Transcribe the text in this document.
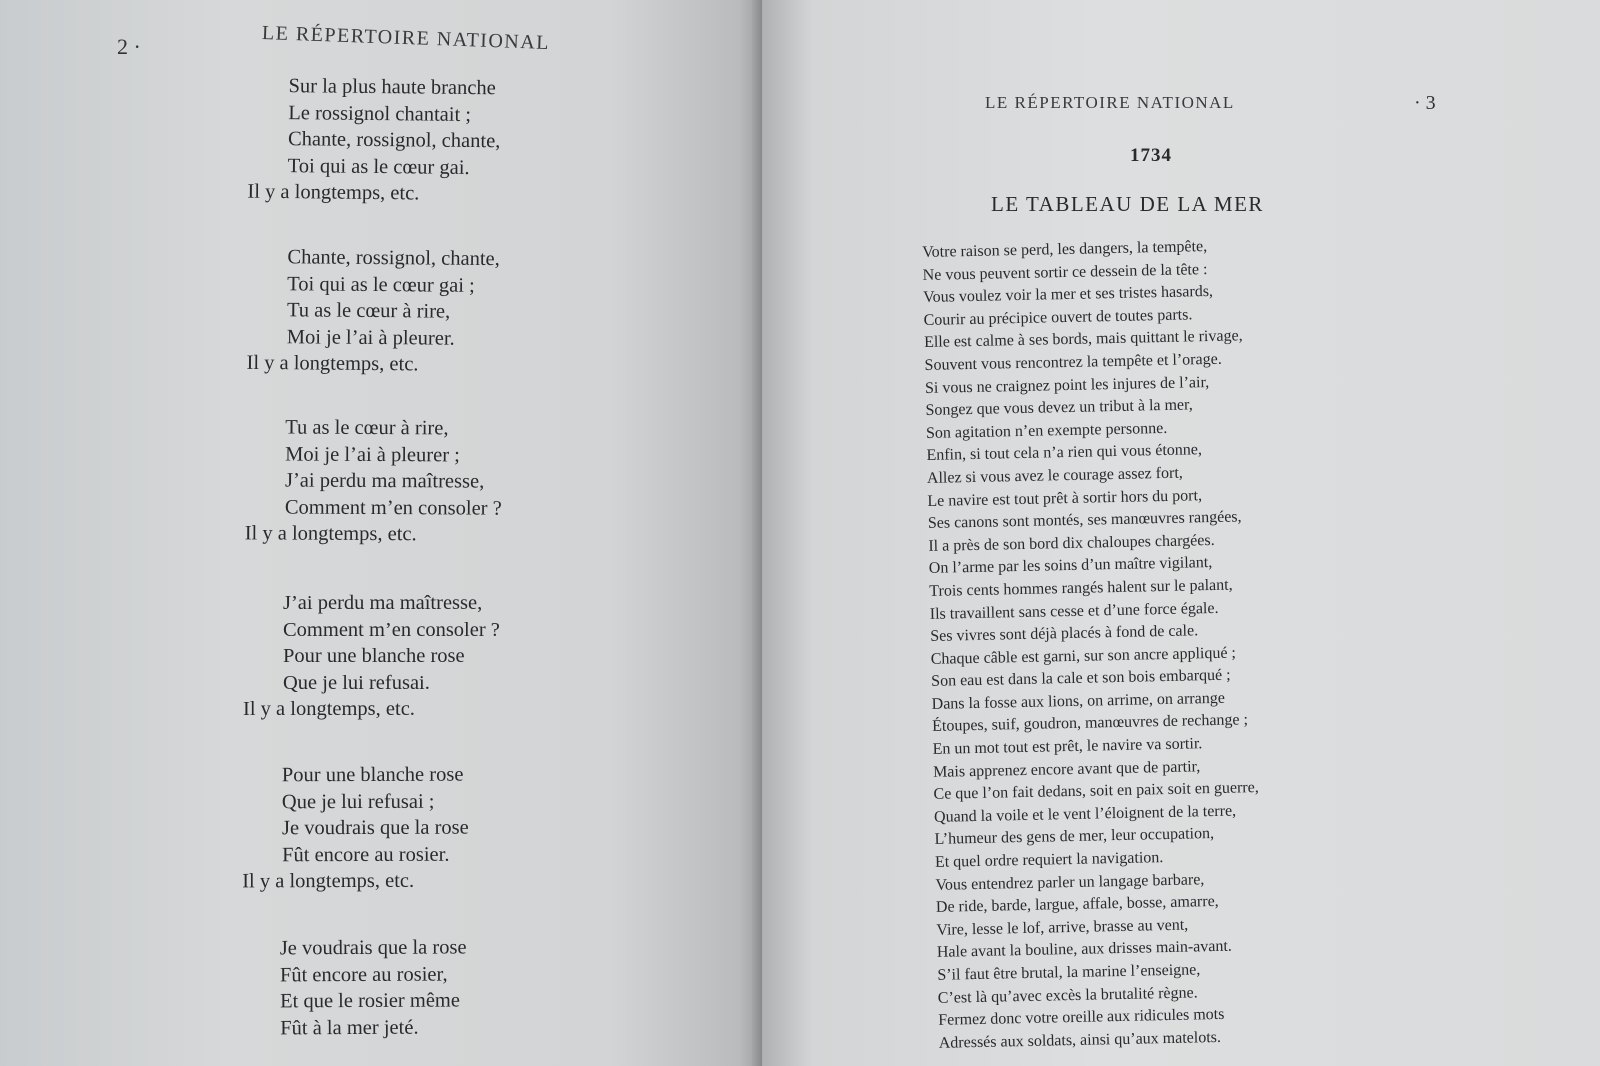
2 ·	LE RÉPERTOIRE NATIONAL
Sur la plus haute branche
Le rossignol chantait ;
Chante, rossignol, chante,
Toi qui as le cœur gai.
Il y a longtemps, etc.
Chante, rossignol, chante,
Toi qui as le cœur gai ;
Tu as le cœur à rire,
Moi je l’ai à pleurer.
Il y a longtemps, etc.
Tu as le cœur à rire,
Moi je l’ai à pleurer ;
J’ai perdu ma maîtresse,
Comment m’en consoler ?
Il y a longtemps, etc.
J’ai perdu ma maîtresse,
Comment m’en consoler ?
Pour une blanche rose
Que je lui refusai.
Il y a longtemps, etc.
Pour une blanche rose
Que je lui refusai ;
Je voudrais que la rose
Fût encore au rosier.
Il y a longtemps, etc.
Je voudrais que la rose
Fût encore au rosier,
Et que le rosier même
Fût à la mer jeté.
LE RÉPERTOIRE NATIONAL	· 3
1734
LE TABLEAU DE LA MER
Votre raison se perd, les dangers, la tempête,
Ne vous peuvent sortir ce dessein de la tête :
Vous voulez voir la mer et ses tristes hasards,
Courir au précipice ouvert de toutes parts.
Elle est calme à ses bords, mais quittant le rivage,
Souvent vous rencontrez la tempête et l’orage.
Si vous ne craignez point les injures de l’air,
Songez que vous devez un tribut à la mer,
Son agitation n’en exempte personne.
Enfin, si tout cela n’a rien qui vous étonne,
Allez si vous avez le courage assez fort,
Le navire est tout prêt à sortir hors du port,
Ses canons sont montés, ses manœuvres rangées,
Il a près de son bord dix chaloupes chargées.
On l’arme par les soins d’un maître vigilant,
Trois cents hommes rangés halent sur le palant,
Ils travaillent sans cesse et d’une force égale.
Ses vivres sont déjà placés à fond de cale.
Chaque câble est garni, sur son ancre appliqué ;
Son eau est dans la cale et son bois embarqué ;
Dans la fosse aux lions, on arrime, on arrange
Étoupes, suif, goudron, manœuvres de rechange ;
En un mot tout est prêt, le navire va sortir.
Mais apprenez encore avant que de partir,
Ce que l’on fait dedans, soit en paix soit en guerre,
Quand la voile et le vent l’éloignent de la terre,
L’humeur des gens de mer, leur occupation,
Et quel ordre requiert la navigation.
Vous entendrez parler un langage barbare,
De ride, barde, largue, affale, bosse, amarre,
Vire, lesse le lof, arrive, brasse au vent,
Hale avant la bouline, aux drisses main-avant.
S’il faut être brutal, la marine l’enseigne,
C’est là qu’avec excès la brutalité règne.
Fermez donc votre oreille aux ridicules mots
Adressés aux soldats, ainsi qu’aux matelots.
